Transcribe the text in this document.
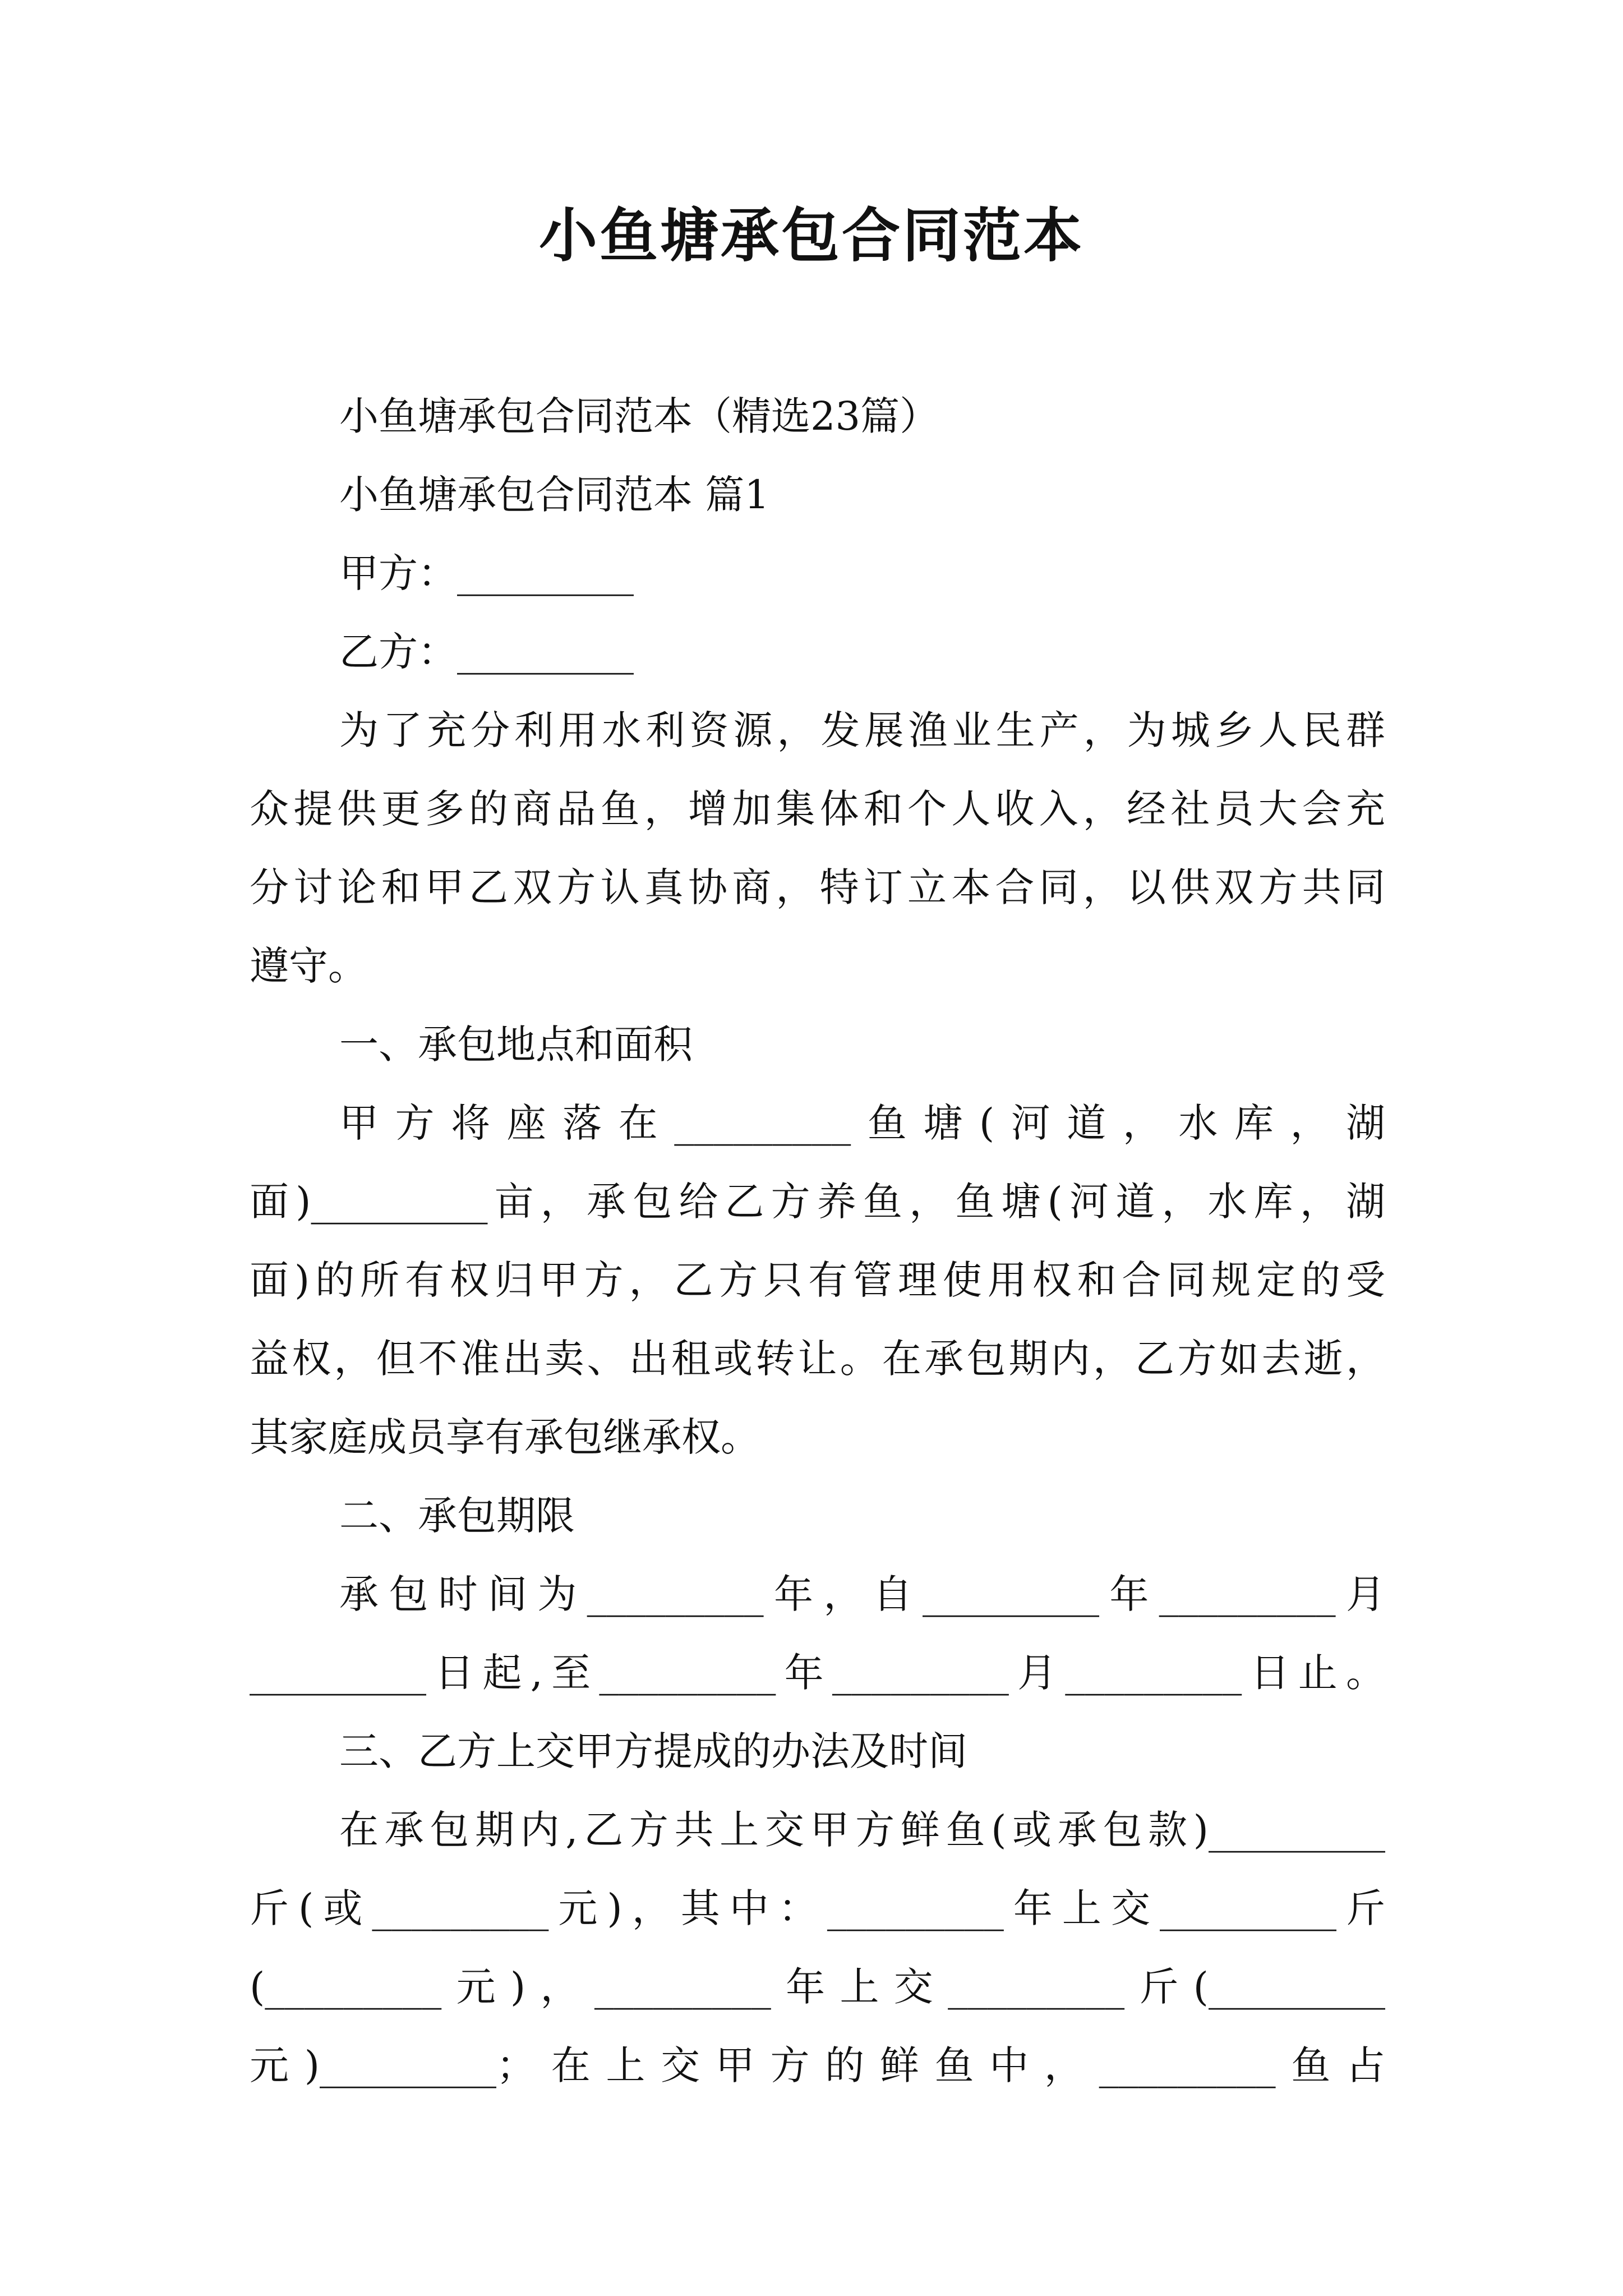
小鱼塘承包合同范本
小鱼塘承包合同范本（精选23篇）
小鱼塘承包合同范本 篇1
甲方：_________
乙方：_________
为了充分利用水利资源，发展渔业生产，为城乡人民群
众提供更多的商品鱼，增加集体和个人收入，经社员大会充
分讨论和甲乙双方认真协商，特订立本合同，以供双方共同
遵守。
一、承包地点和面积
甲方将座落在_________鱼塘(河道，水库，湖
面)_________亩，承包给乙方养鱼，鱼塘(河道，水库，湖
面)的所有权归甲方，乙方只有管理使用权和合同规定的受
益权，但不准出卖、出租或转让。在承包期内，乙方如去逝，
其家庭成员享有承包继承权。
二、承包期限
承包时间为_________年，自_________年_________月
_________日起,至_________年_________月_________日止。
三、乙方上交甲方提成的办法及时间
在承包期内,乙方共上交甲方鲜鱼(或承包款)_________
斤(或_________元)，其中：_________年上交_________斤
(_________元)，_________年上交_________斤(_________
元)_________；在上交甲方的鲜鱼中，_________鱼占
